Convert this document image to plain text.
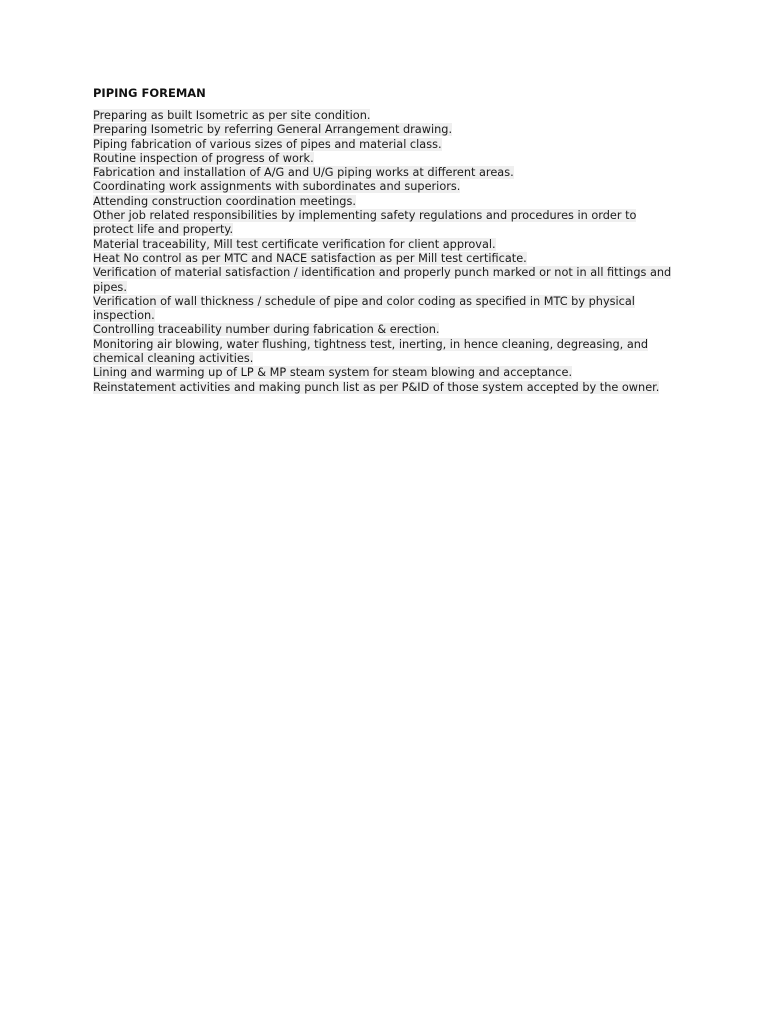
PIPING FOREMAN
Preparing as built Isometric as per site condition.
Preparing Isometric by referring General Arrangement drawing.
Piping fabrication of various sizes of pipes and material class.
Routine inspection of progress of work.
Fabrication and installation of A/G and U/G piping works at different areas.
Coordinating work assignments with subordinates and superiors.
Attending construction coordination meetings.
Other job related responsibilities by implementing safety regulations and procedures in order to protect life and property.
Material traceability, Mill test certificate verification for client approval.
Heat No control as per MTC and NACE satisfaction as per Mill test certificate.
Verification of material satisfaction / identification and properly punch marked or not in all fittings and pipes.
Verification of wall thickness / schedule of pipe and color coding as specified in MTC by physical inspection.
Controlling traceability number during fabrication & erection.
Monitoring air blowing, water flushing, tightness test, inerting, in hence cleaning, degreasing, and chemical cleaning activities.
Lining and warming up of LP & MP steam system for steam blowing and acceptance.
Reinstatement activities and making punch list as per P&ID of those system accepted by the owner.
